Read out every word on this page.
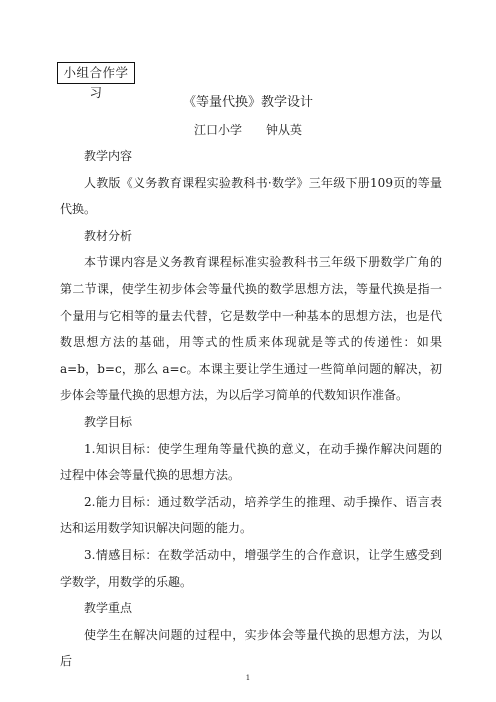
小组合作学习
《等量代换》教学设计
江口小学 钟从英

教学内容

人教版《义务教育课程实验教科书·数学》三年级下册109页的等量代换。

教材分析

本节课内容是义务教育课程标准实验教科书三年级下册数学广角的第二节课，使学生初步体会等量代换的数学思想方法，等量代换是指一个量用与它相等的量去代替，它是数学中一种基本的思想方法，也是代数思想方法的基础，用等式的性质来体现就是等式的传递性：如果 a=b，b=c，那么 a=c。本课主要让学生通过一些简单问题的解决，初步体会等量代换的思想方法，为以后学习简单的代数知识作准备。

教学目标

1.知识目标：使学生理角等量代换的意义，在动手操作解决问题的过程中体会等量代换的思想方法。

2.能力目标：通过数学活动，培养学生的推理、动手操作、语言表达和运用数学知识解决问题的能力。

3.情感目标：在数学活动中，增强学生的合作意识，让学生感受到学数学，用数学的乐趣。

教学重点

使学生在解决问题的过程中，实步体会等量代换的思想方法，为以后

1
